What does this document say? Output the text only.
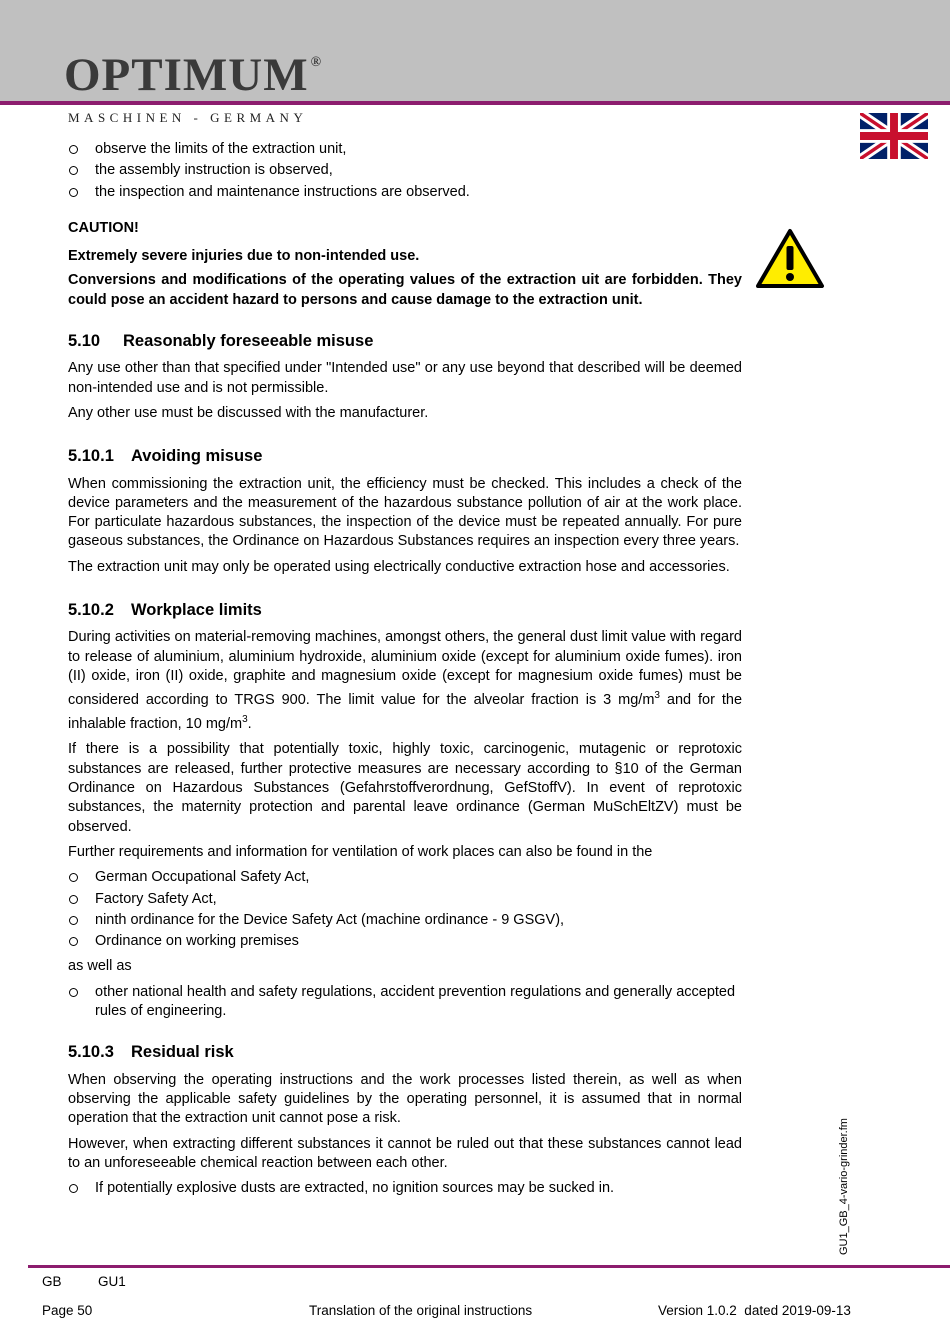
OPTIMUM ®
MASCHINEN - GERMANY
observe the limits of the extraction unit,
the assembly instruction is observed,
the inspection and maintenance instructions are observed.

CAUTION!

Extremely severe injuries due to non-intended use.

Conversions and modifications of the operating values of the extraction uit are forbidden. They could pose an accident hazard to persons and cause damage to the extraction unit.

5.10 Reasonably foreseeable misuse

Any use other than that specified under "Intended use" or any use beyond that described will be deemed non-intended use and is not permissible.

Any other use must be discussed with the manufacturer.

5.10.1 Avoiding misuse

When commissioning the extraction unit, the efficiency must be checked. This includes a check of the device parameters and the measurement of the hazardous substance pollution of air at the work place. For particulate hazardous substances, the inspection of the device must be repeated annually. For pure gaseous substances, the Ordinance on Hazardous Substances requires an inspection every three years.

The extraction unit may only be operated using electrically conductive extraction hose and accessories.

5.10.2 Workplace limits

During activities on material-removing machines, amongst others, the general dust limit value with regard to release of aluminium, aluminium hydroxide, aluminium oxide (except for aluminium oxide fumes). iron (II) oxide, iron (II) oxide, graphite and magnesium oxide (except for magnesium oxide fumes) must be considered according to TRGS 900. The limit value for the alveolar fraction is 3 $mg/m^3$ and for the inhalable fraction, 10 $mg/m^3$.

If there is a possibility that potentially toxic, highly toxic, carcinogenic, mutagenic or reprotoxic substances are released, further protective measures are necessary according to §10 of the German Ordinance on Hazardous Substances (Gefahrstoffverordnung, GefStoffV). In event of reprotoxic substances, the maternity protection and parental leave ordinance (German MuSchEltZV) must be observed.

Further requirements and information for ventilation of work places can also be found in the

German Occupational Safety Act,
Factory Safety Act,
ninth ordinance for the Device Safety Act (machine ordinance - 9 GSGV),
Ordinance on working premises

as well as

other national health and safety regulations, accident prevention regulations and generally accepted rules of engineering.
5.10.3 Residual risk

When observing the operating instructions and the work processes listed therein, as well as when observing the applicable safety guidelines by the operating personnel, it is assumed that in normal operation that the extraction unit cannot pose a risk.

However, when extracting different substances it cannot be ruled out that these substances cannot lead to an unforeseeable chemical reaction between each other.

If potentially explosive dusts are extracted, no ignition sources may be sucked in.	GU1_GB_4-vario-grinder.fm
GB	GU1
Page 50	Translation of the original instructions	Version 1.0.2  dated 2019-09-13
